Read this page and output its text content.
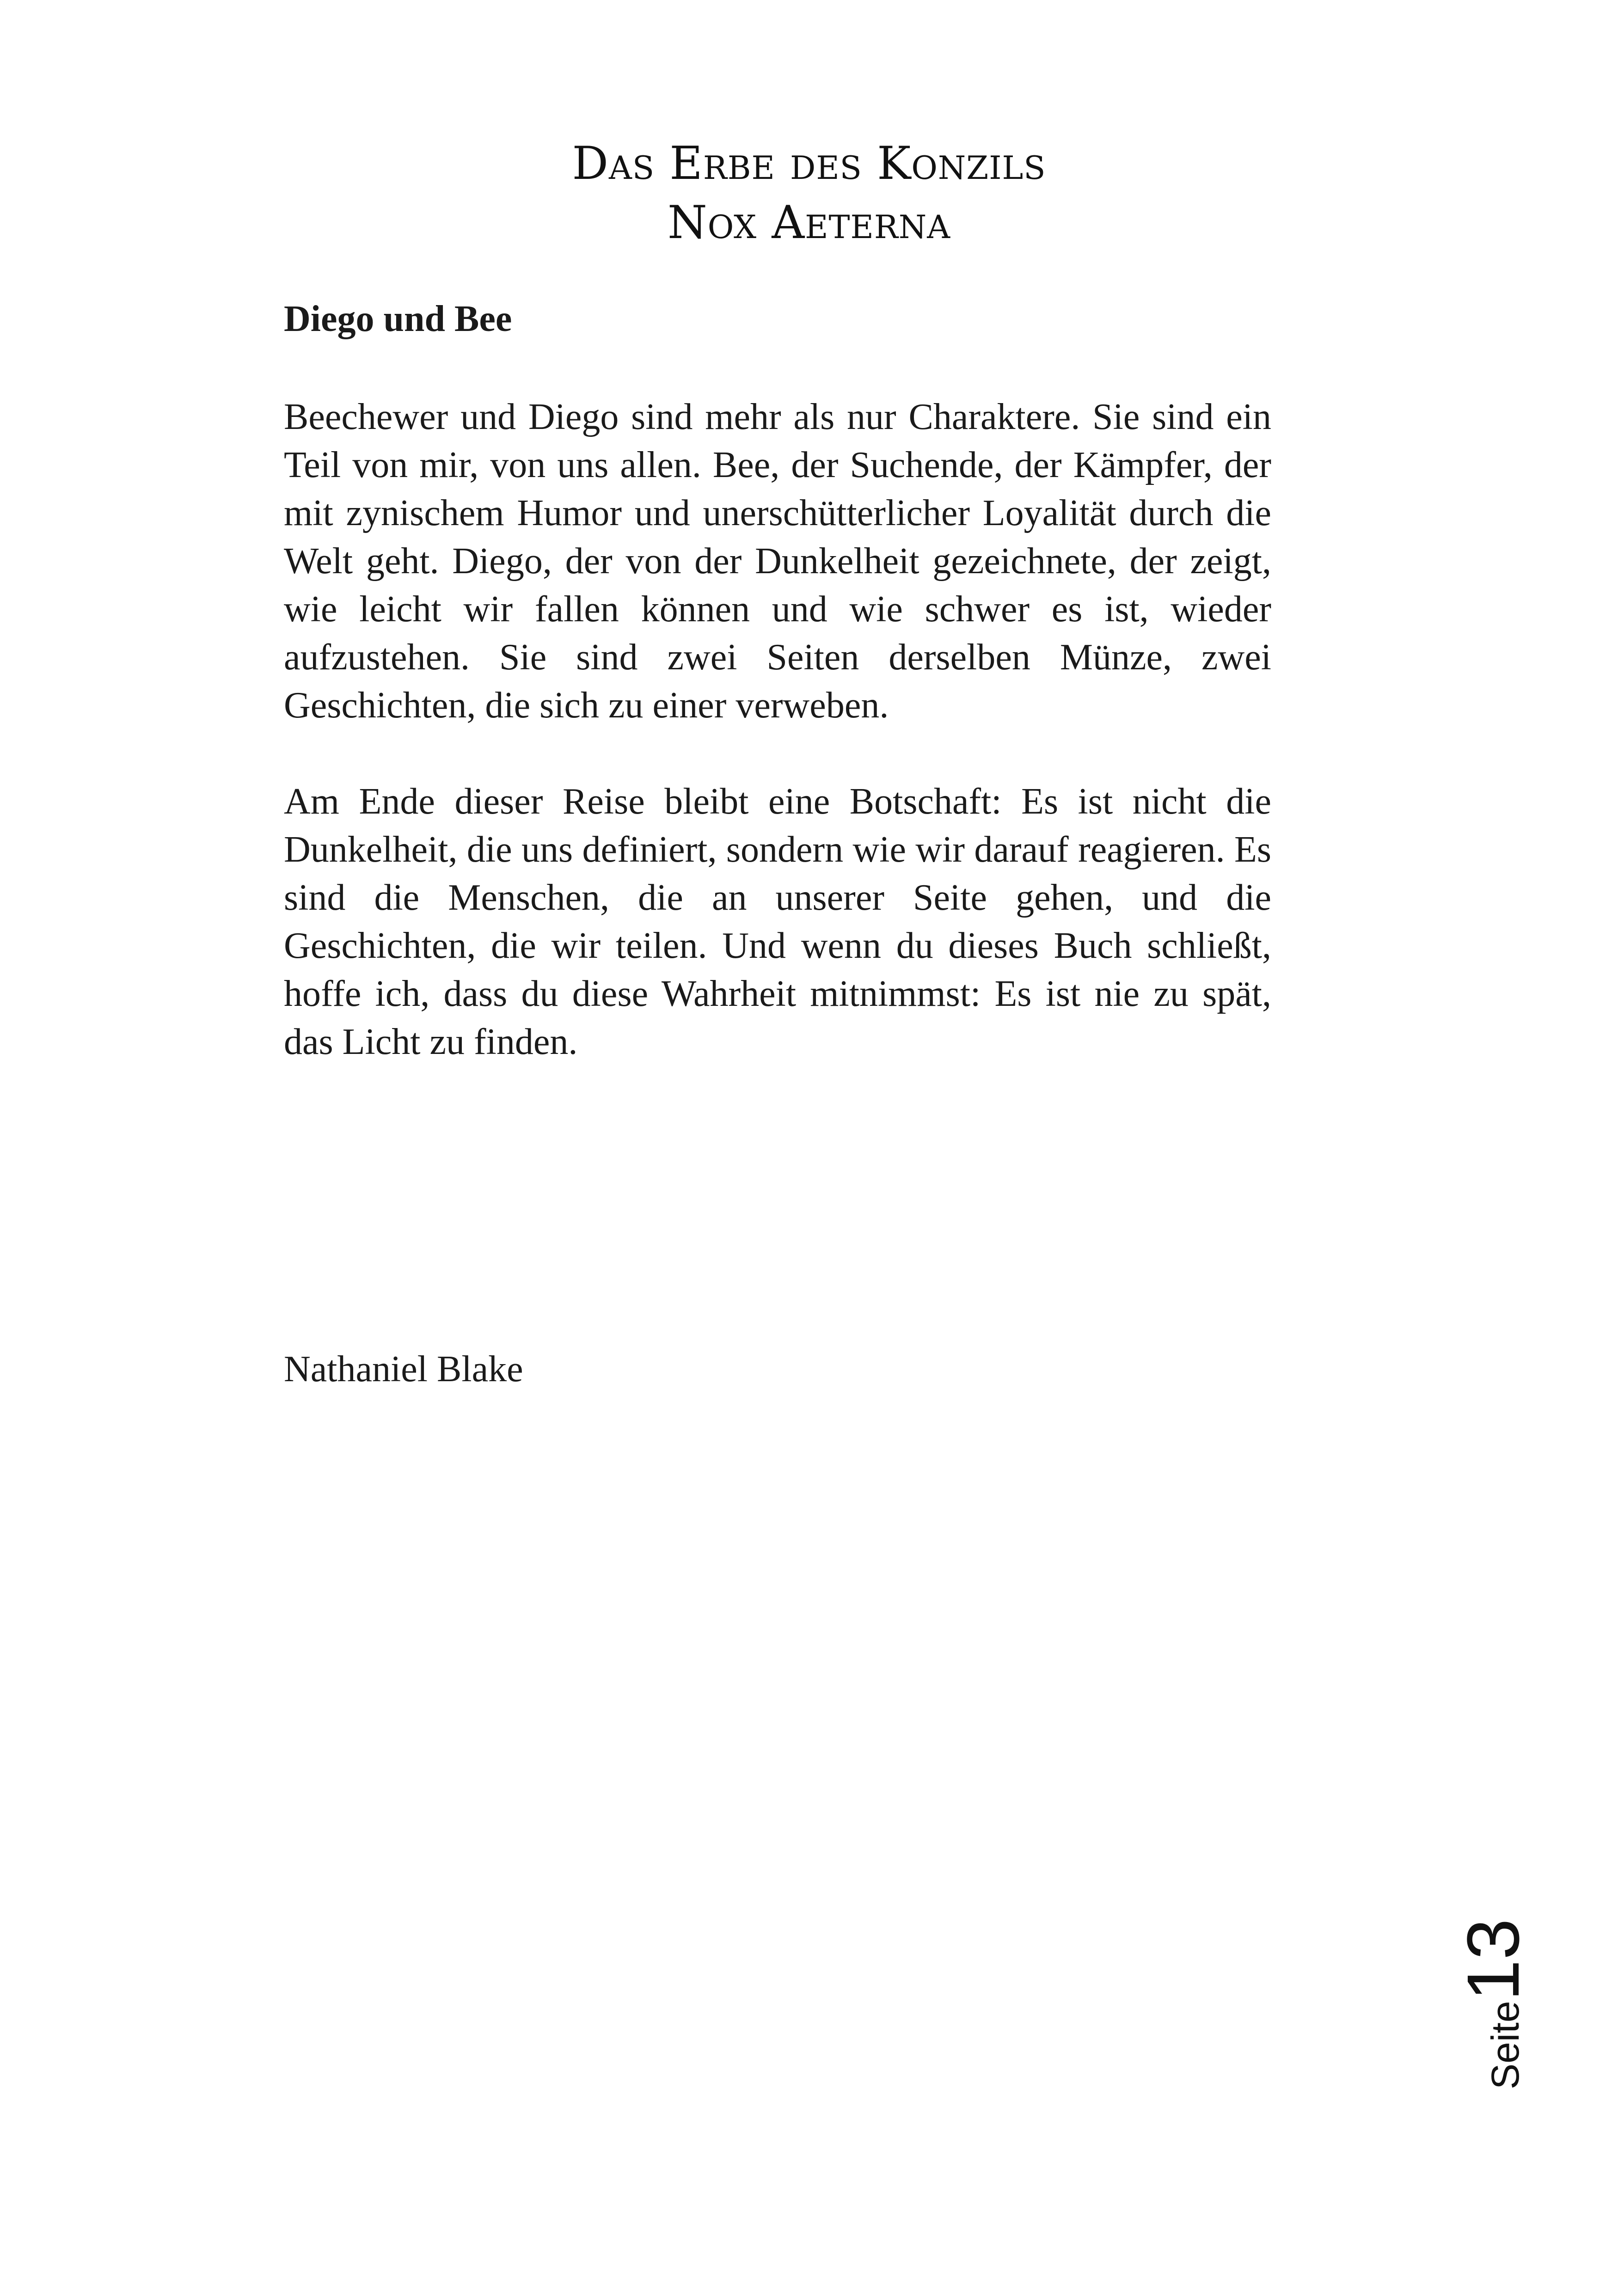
Das Erbe des Konzils
Nox Aeterna
Diego und Bee

Beechewer und Diego sind mehr als nur Charaktere. Sie sind ein Teil von mir, von uns allen. Bee, der Suchende, der Kämpfer, der mit zynischem Humor und unerschütterlicher Loyalität durch die Welt geht. Diego, der von der Dunkelheit gezeichnete, der zeigt, wie leicht wir fallen können und wie schwer es ist, wieder aufzustehen. Sie sind zwei Seiten derselben Münze, zwei Geschichten, die sich zu einer verweben.

Am Ende dieser Reise bleibt eine Botschaft: Es ist nicht die Dunkelheit, die uns definiert, sondern wie wir darauf reagieren. Es sind die Menschen, die an unserer Seite gehen, und die Geschichten, die wir teilen. Und wenn du dieses Buch schließt, hoffe ich, dass du diese Wahrheit mitnimmst: Es ist nie zu spät, das Licht zu finden.

Nathaniel Blake
Seite13
